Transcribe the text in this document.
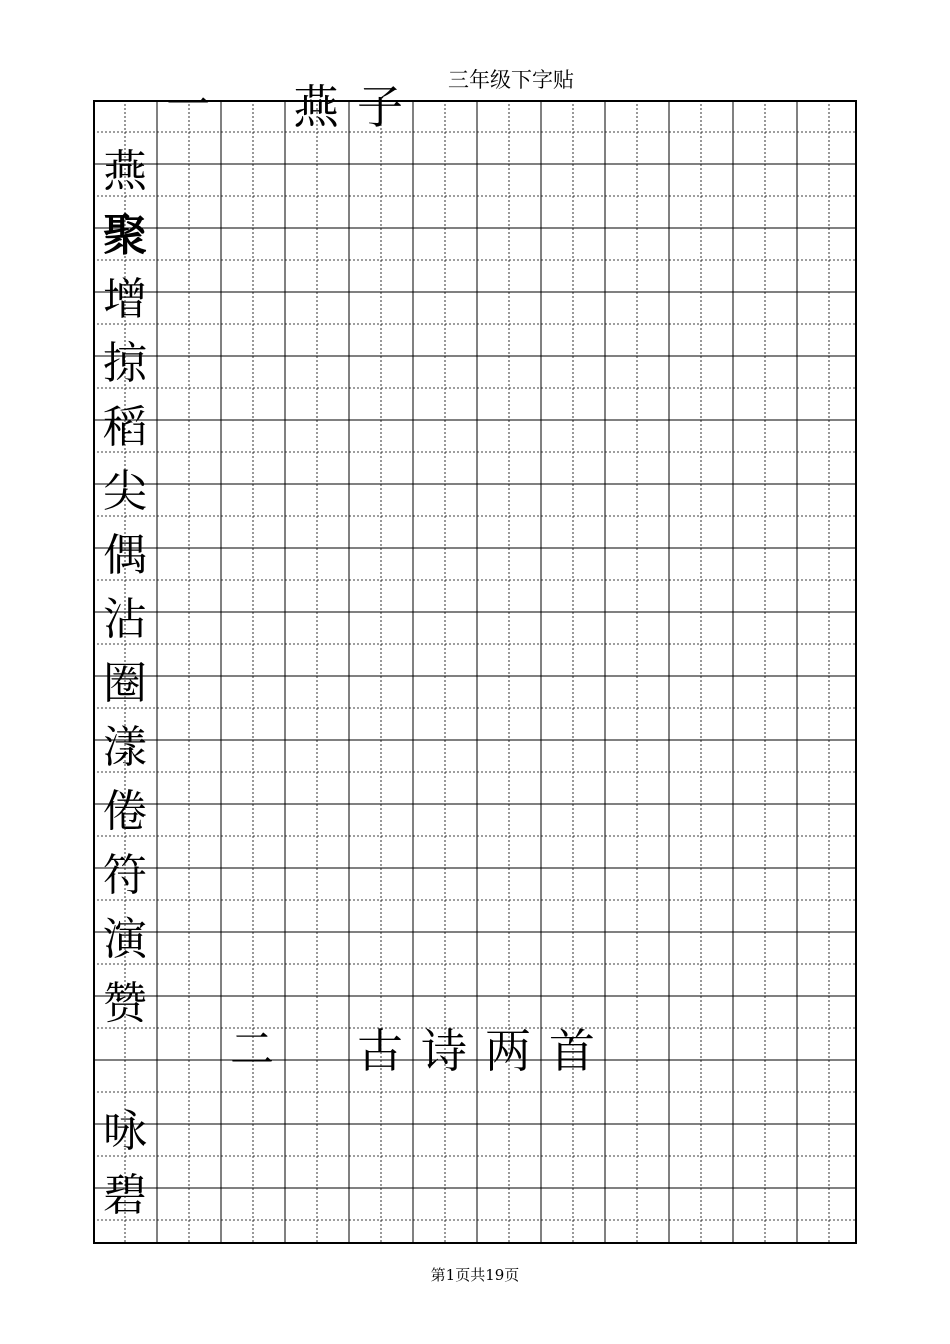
三年级下字贴
一 燕 子
燕
聚
增
掠
稻
尖
偶
沾
圈
漾
倦
符
演
赞
咏
碧
二 古 诗 两 首
第1页共19页
